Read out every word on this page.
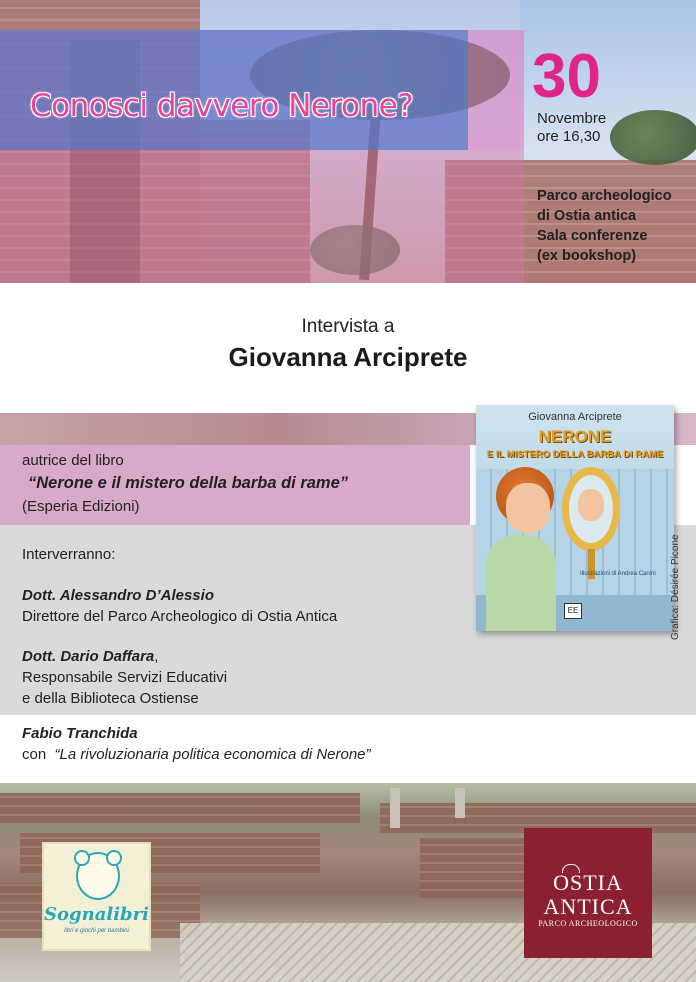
Conosci davvero Nerone? 30
Novembre
ore 16,30
Parco archeologico
di Ostia antica
Sala conferenze
(ex bookshop)
Intervista a
Giovanna Arciprete
autrice del libro
“Nerone e il mistero della barba di rame”
(Esperia Edizioni)
Interverranno:
Dott. Alessandro D’Alessio
Direttore del Parco Archeologico di Ostia Antica
Dott. Dario Daffara,
Responsabile Servizi Educativi
e della Biblioteca Ostiense
Fabio Tranchida
con “La rivoluzionaria politica economica di Nerone”
Giovanna Arciprete
NERONE
E IL MISTERO DELLA BARBA DI RAME
Illustrazioni di Andrea Canini
EE	Grafica: Désirée Picone
Sognalibri
libri e giochi per bambini
OSTIA
ANTICA
PARCO ARCHEOLOGICO
